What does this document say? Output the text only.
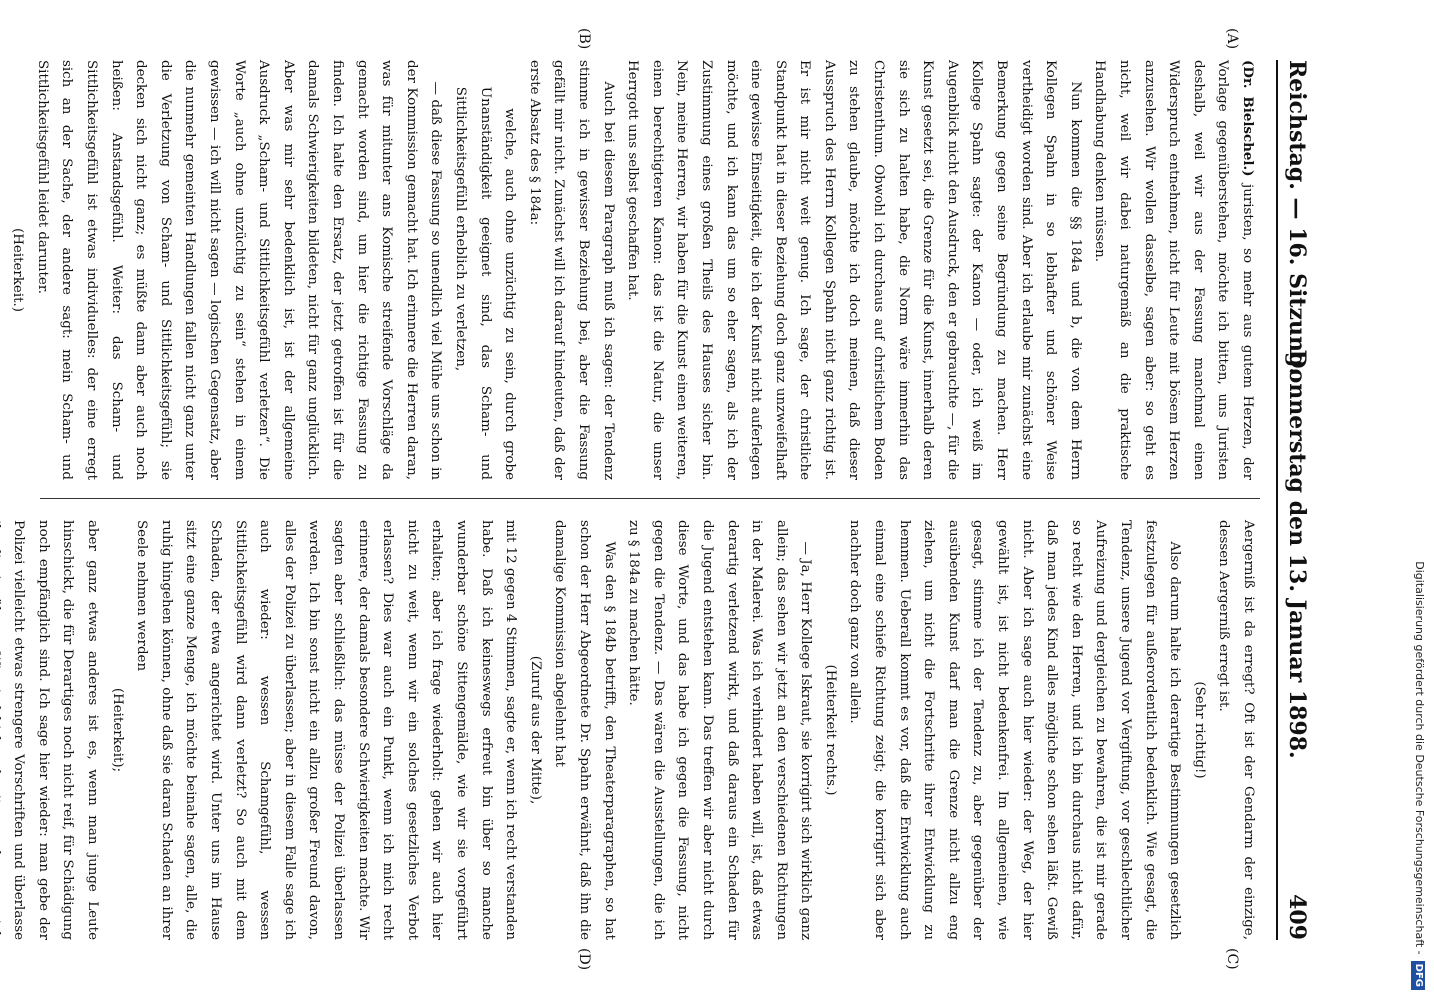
Reichstag. — 16. Sitzung.
Donnerstag den 13. Januar 1898.  409
(A)
(B)
(C)
(D)

(Dr. Bielschel.) juristen, so mehr aus gutem Herzen, der Vorlage gegenüberstehen, möchte ich bitten, uns Juristen deshalb, weil wir aus der Fassung manchmal einen Widerspruch entnehmen, nicht für Leute mit bösem Herzen anzusehen. Wir wollen dasselbe, sagen aber: so geht es nicht, weil wir dabei naturgemäß an die praktische Handhabung denken müssen.

Nun kommen die §§ 184a und b, die von dem Herrn Kollegen Spahn in so lebhafter und schöner Weise vertheidigt worden sind. Aber ich erlaube mir zunächst eine Bemerkung gegen seine Begründung zu machen. Herr Kollege Spahn sagte: der Kanon — oder, ich weiß im Augenblick nicht den Ausdruck, den er gebrauchte —, für die Kunst gesetzt sei, die Grenze für die Kunst, innerhalb deren sie sich zu halten habe, die Norm wäre immerhin das Christenthum. Obwohl ich durchaus auf christlichem Boden zu stehen glaube, möchte ich doch meinen, daß dieser Ausspruch des Herrn Kollegen Spahn nicht ganz richtig ist. Er ist mir nicht weit genug. Ich sage, der christliche Standpunkt hat in dieser Beziehung doch ganz unzweifelhaft eine gewisse Einseitigkeit, die ich der Kunst nicht auferlegen möchte, und ich kann das um so eher sagen, als ich der Zustimmung eines großen Theils des Hauses sicher bin. Nein, meine Herren, wir haben für die Kunst einen weiteren, einen berechtigteren Kanon: das ist die Natur, die unser Herrgott uns selbst geschaffen hat.

Auch bei diesem Paragraph muß ich sagen: der Tendenz stimme ich in gewisser Beziehung bei, aber die Fassung gefällt mir nicht. Zunächst will ich darauf hindeuten, daß der erste Absatz des § 184a:

welche, auch ohne unzüchtig zu sein, durch grobe Unanständigkeit geeignet sind, das Scham- und Sittlichkeitsgefühl erheblich zu verletzen,

— daß diese Fassung so unendlich viel Mühe uns schon in der Kommission gemacht hat. Ich erinnere die Herren daran, was für mitunter ans Komische streifende Vorschläge da gemacht worden sind, um hier die richtige Fassung zu finden. Ich halte den Ersatz, der jetzt getroffen ist für die damals Schwierigkeiten bildeten, nicht für ganz unglücklich. Aber was mir sehr bedenklich ist, ist der allgemeine Ausdruck „Scham- und Sittlichkeitsgefühl verletzen“. Die Worte „auch ohne unzüchtig zu sein“ stehen in einem gewissen — ich will nicht sagen — logischen Gegensatz, aber die nunmehr gemeinten Handlungen fallen nicht ganz unter die Verletzung von Scham- und Sittlichkeitsgefühl; sie decken sich nicht ganz; es müßte dann aber auch noch heißen: Anstandsgefühl. Weiter: das Scham- und Sittlichkeitsgefühl ist etwas individuelles: der eine erregt sich an der Sache, der andere sagt: mein Scham- und Sittlichkeitsgefühl leidet darunter.

(Heiterkeit.)

Aergerniß ist da erregt? Oft ist der Gendarm der einzige, dessen Aergerniß erregt ist.

(Sehr richtig!)

Also darum halte ich derartige Bestimmungen gesetzlich festzulegen für außerordentlich bedenklich. Wie gesagt, die Tendenz, unsere Jugend vor Vergiftung, vor geschlechtlicher Aufreizung und dergleichen zu bewahren, die ist mir gerade so recht wie den Herren, und ich bin durchaus nicht dafür, daß man jedes Kind alles mögliche schon sehen läßt. Gewiß nicht. Aber ich sage auch hier wieder: der Weg, der hier gewählt ist, ist nicht bedenkenfrei. Im allgemeinen, wie gesagt, stimme ich der Tendenz zu, aber gegenüber der ausübenden Kunst darf man die Grenze nicht allzu eng ziehen, um nicht die Fortschritte ihrer Entwicklung zu hemmen. Ueberall kommt es vor, daß die Entwicklung auch einmal eine schiefe Richtung zeigt; die korrigirt sich aber nachher doch ganz von allein.

(Heiterkeit rechts.)

— Ja, Herr Kollege Iskraut, sie korrigirt sich wirklich ganz allein; das sehen wir jetzt an den verschiedenen Richtungen in der Malerei. Was ich verhindert haben will, ist, daß etwas derartig verletzend wirkt, und daß daraus ein Schaden für die Jugend entstehen kann. Das treffen wir aber nicht durch diese Worte, und das habe ich gegen die Fassung, nicht gegen die Tendenz. — Das wären die Ausstellungen, die ich zu § 184a zu machen hätte.

Was den § 184b betrifft, den Theaterparagraphen, so hat schon der Herr Abgeordnete Dr. Spahn erwähnt, daß ihn die damalige Kommission abgelehnt hat

(Zuruf aus der Mitte),

mit 12 gegen 4 Stimmen, sagte er, wenn ich recht verstanden habe. Daß ich keineswegs erfreut bin über so manche wunderbar schöne Sittengemälde, wie wir sie vorgeführt erhalten; aber ich frage wiederholt: gehen wir auch hier nicht zu weit, wenn wir ein solches gesetzliches Verbot erlassen? Dies war auch ein Punkt, wenn ich mich recht erinnere, der damals besondere Schwierigkeiten machte. Wir sagten aber schließlich: das müsse der Polizei überlassen werden. Ich bin sonst nicht ein allzu großer Freund davon, alles der Polizei zu überlassen; aber in diesem Falle sage ich auch wieder: wessen Schamgefühl, wessen Sittlichkeitsgefühl wird dann verletzt? So auch mit dem Schaden, der etwa angerichtet wird. Unter uns im Hause sitzt eine ganze Menge, ich möchte beinahe sagen, alle, die ruhig hingehen können, ohne daß sie daran Schaden an ihrer Seele nehmen werden

(Heiterkeit);

aber ganz etwas anderes ist es, wenn man junge Leute hinschickt, die für Derartiges noch nicht reif, für Schädigung noch empfänglich sind. Ich sage hier wieder: man gebe der Polizei vielleicht etwas strengere Vorschriften und überlasse	Digitalisierung gefördert durch die Deutsche Forschungsgemeinschaft -DFG
